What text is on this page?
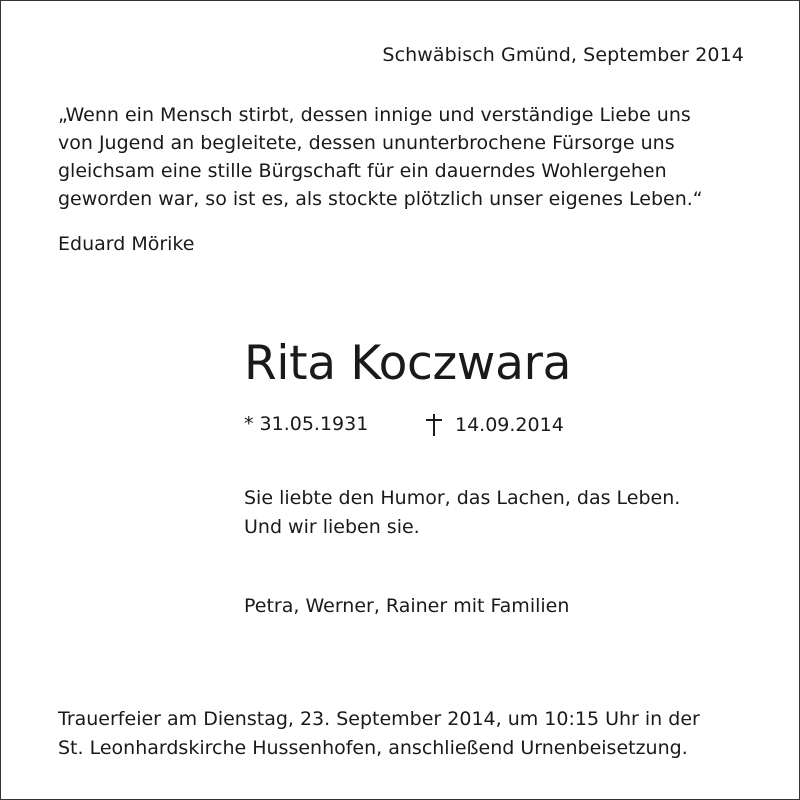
Schwäbisch Gmünd, September 2014

„Wenn ein Mensch stirbt, dessen innige und verständige Liebe uns
von Jugend an begleitete, dessen ununterbrochene Fürsorge uns
gleichsam eine stille Bürgschaft für ein dauerndes Wohlergehen
geworden war, so ist es, als stockte plötzlich unser eigenes Leben.“

Eduard Mörike
Rita Koczwara
* 31.05.1931	14.09.2014
Sie liebte den Humor, das Lachen, das Leben.
Und wir lieben sie.
Petra, Werner, Rainer mit Familien
Trauerfeier am Dienstag, 23. September 2014, um 10:15 Uhr in der
St. Leonhardskirche Hussenhofen, anschließend Urnenbeisetzung.
